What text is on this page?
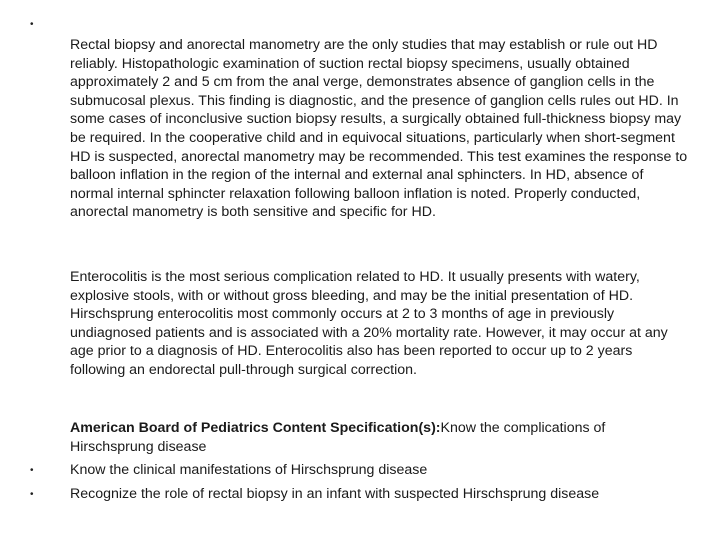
•

Rectal biopsy and anorectal manometry are the only studies that may establish or rule out HD reliably. Histopathologic examination of suction rectal biopsy specimens, usually obtained approximately 2 and 5 cm from the anal verge, demonstrates absence of ganglion cells in the submucosal plexus. This finding is diagnostic, and the presence of ganglion cells rules out HD. In some cases of inconclusive suction biopsy results, a surgically obtained full-thickness biopsy may be required. In the cooperative child and in equivocal situations, particularly when short-segment HD is suspected, anorectal manometry may be recommended. This test examines the response to balloon inflation in the region of the internal and external anal sphincters. In HD, absence of normal internal sphincter relaxation following balloon inflation is noted. Properly conducted, anorectal manometry is both sensitive and specific for HD.

Enterocolitis is the most serious complication related to HD. It usually presents with watery, explosive stools, with or without gross bleeding, and may be the initial presentation of HD. Hirschsprung enterocolitis most commonly occurs at 2 to 3 months of age in previously undiagnosed patients and is associated with a 20% mortality rate. However, it may occur at any age prior to a diagnosis of HD. Enterocolitis also has been reported to occur up to 2 years following an endorectal pull-through surgical correction.

American Board of Pediatrics Content Specification(s):Know the complications of Hirschsprung disease

•	Know the clinical manifestations of Hirschsprung disease

•	Recognize the role of rectal biopsy in an infant with suspected Hirschsprung disease
